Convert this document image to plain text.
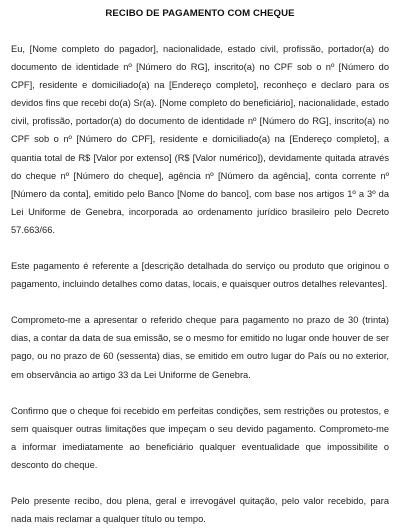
RECIBO DE PAGAMENTO COM CHEQUE

Eu, [Nome completo do pagador], nacionalidade, estado civil, profissão, portador(a) do documento de identidade nº [Número do RG], inscrito(a) no CPF sob o nº [Número do CPF], residente e domiciliado(a) na [Endereço completo], reconheço e declaro para os devidos fins que recebi do(a) Sr(a). [Nome completo do beneficiário], nacionalidade, estado civil, profissão, portador(a) do documento de identidade nº [Número do RG], inscrito(a) no CPF sob o nº [Número do CPF], residente e domiciliado(a) na [Endereço completo], a quantia total de R$ [Valor por extenso] (R$ [Valor numérico]), devidamente quitada através do cheque nº [Número do cheque], agência nº [Número da agência], conta corrente nº [Número da conta], emitido pelo Banco [Nome do banco], com base nos artigos 1º a 3º da Lei Uniforme de Genebra, incorporada ao ordenamento jurídico brasileiro pelo Decreto 57.663/66.

Este pagamento é referente a [descrição detalhada do serviço ou produto que originou o pagamento, incluindo detalhes como datas, locais, e quaisquer outros detalhes relevantes].

Comprometo-me a apresentar o referido cheque para pagamento no prazo de 30 (trinta) dias, a contar da data de sua emissão, se o mesmo for emitido no lugar onde houver de ser pago, ou no prazo de 60 (sessenta) dias, se emitido em outro lugar do País ou no exterior, em observância ao artigo 33 da Lei Uniforme de Genebra.

Confirmo que o cheque foi recebido em perfeitas condições, sem restrições ou protestos, e sem quaisquer outras limitações que impeçam o seu devido pagamento. Comprometo-me a informar imediatamente ao beneficiário qualquer eventualidade que impossibilite o desconto do cheque.

Pelo presente recibo, dou plena, geral e irrevogável quitação, pelo valor recebido, para nada mais reclamar a qualquer título ou tempo.
